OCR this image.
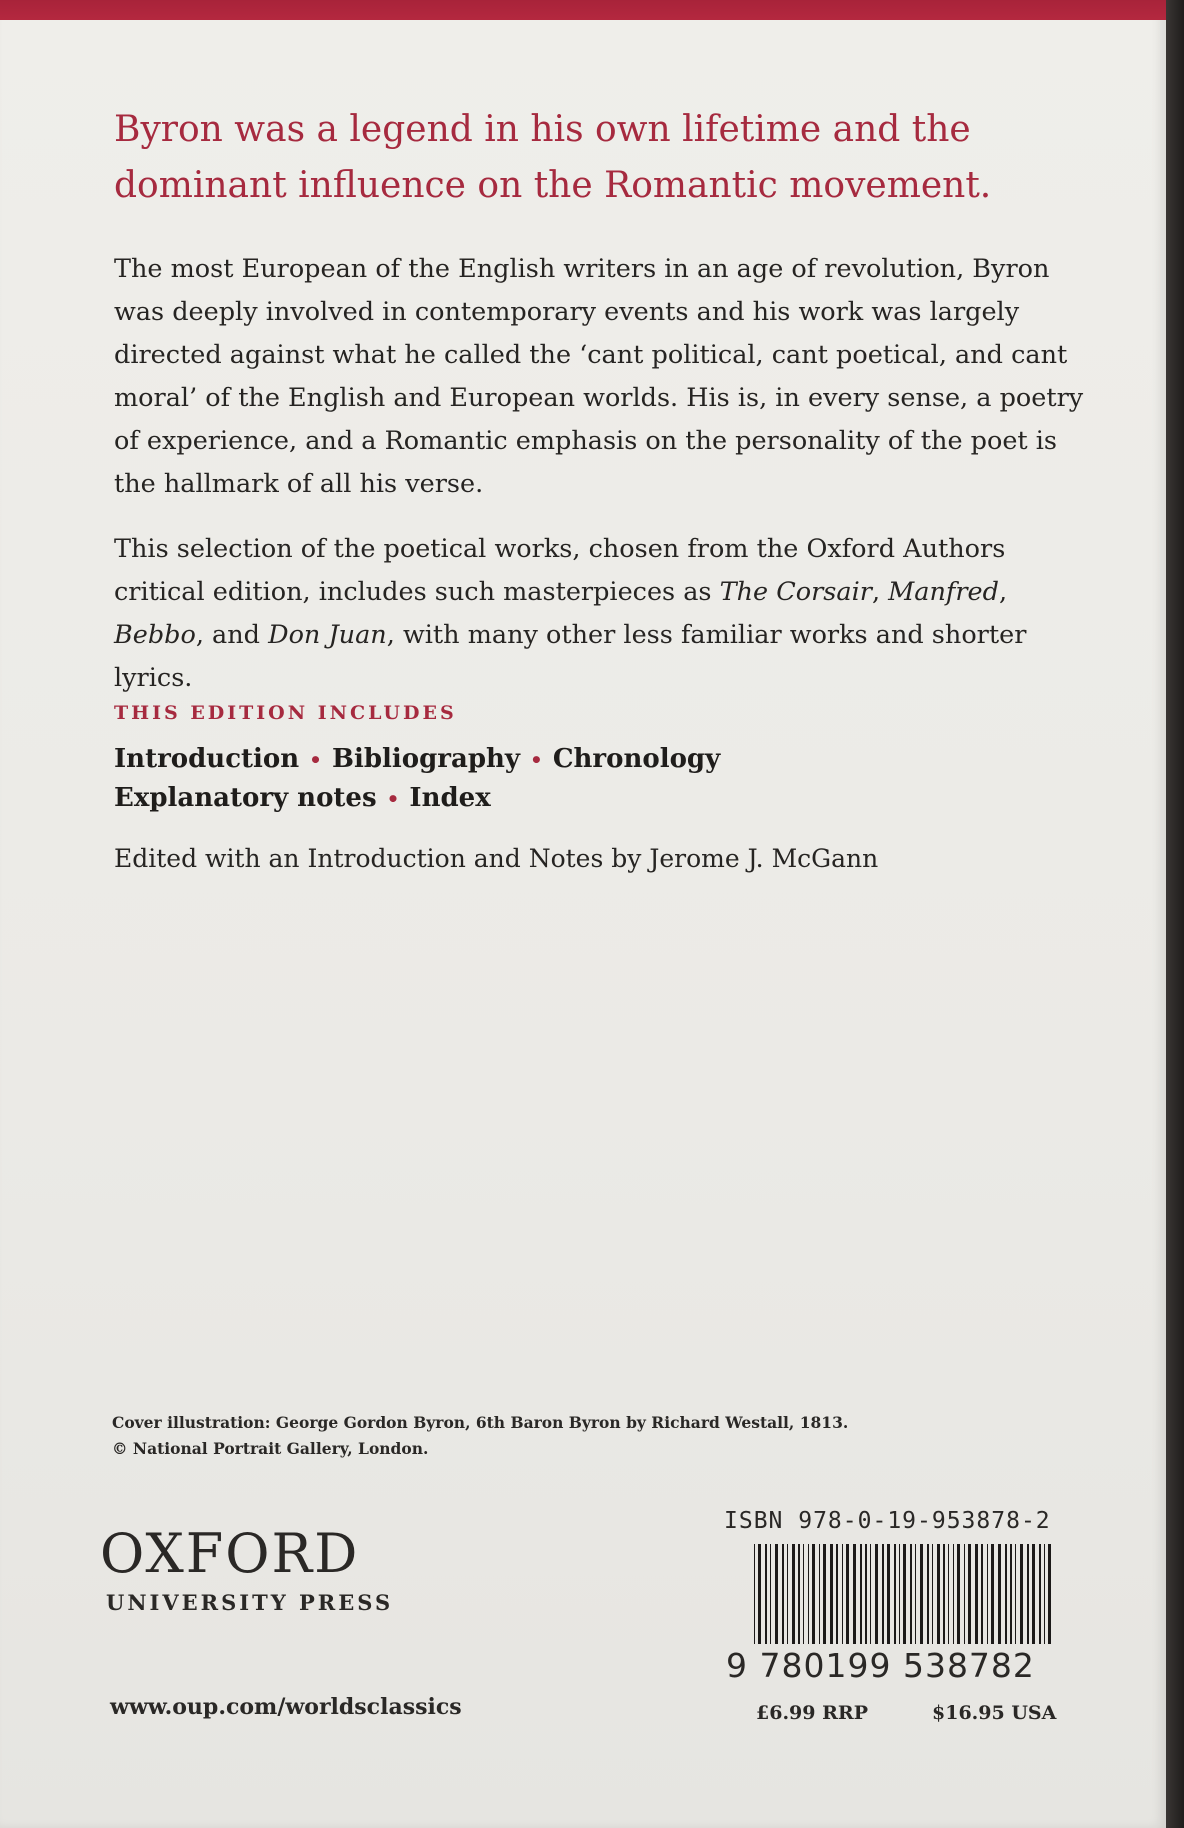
Byron was a legend in his own lifetime and the
dominant influence on the Romantic movement.

The most European of the English writers in an age of revolution, Byron was deeply involved in contemporary events and his work was largely directed against what he called the ‘cant political, cant poetical, and cant moral’ of the English and European worlds. His is, in every sense, a poetry of experience, and a Romantic emphasis on the personality of the poet is the hallmark of all his verse.

This selection of the poetical works, chosen from the Oxford Authors critical edition, includes such masterpieces as The Corsair, Manfred, Bebbo, and Don Juan, with many other less familiar works and shorter lyrics.

THIS EDITION INCLUDES
Introduction • Bibliography • Chronology
Explanatory notes • Index
Edited with an Introduction and Notes by Jerome J. McGann
Cover illustration: George Gordon Byron, 6th Baron Byron by Richard Westall, 1813.
© National Portrait Gallery, London.
OXFORD
UNIVERSITY PRESS
www.oup.com/worldsclassics
ISBN 978-0-19-953878-2
9 780199 538782
£6.99 RRP	$16.95 USA
